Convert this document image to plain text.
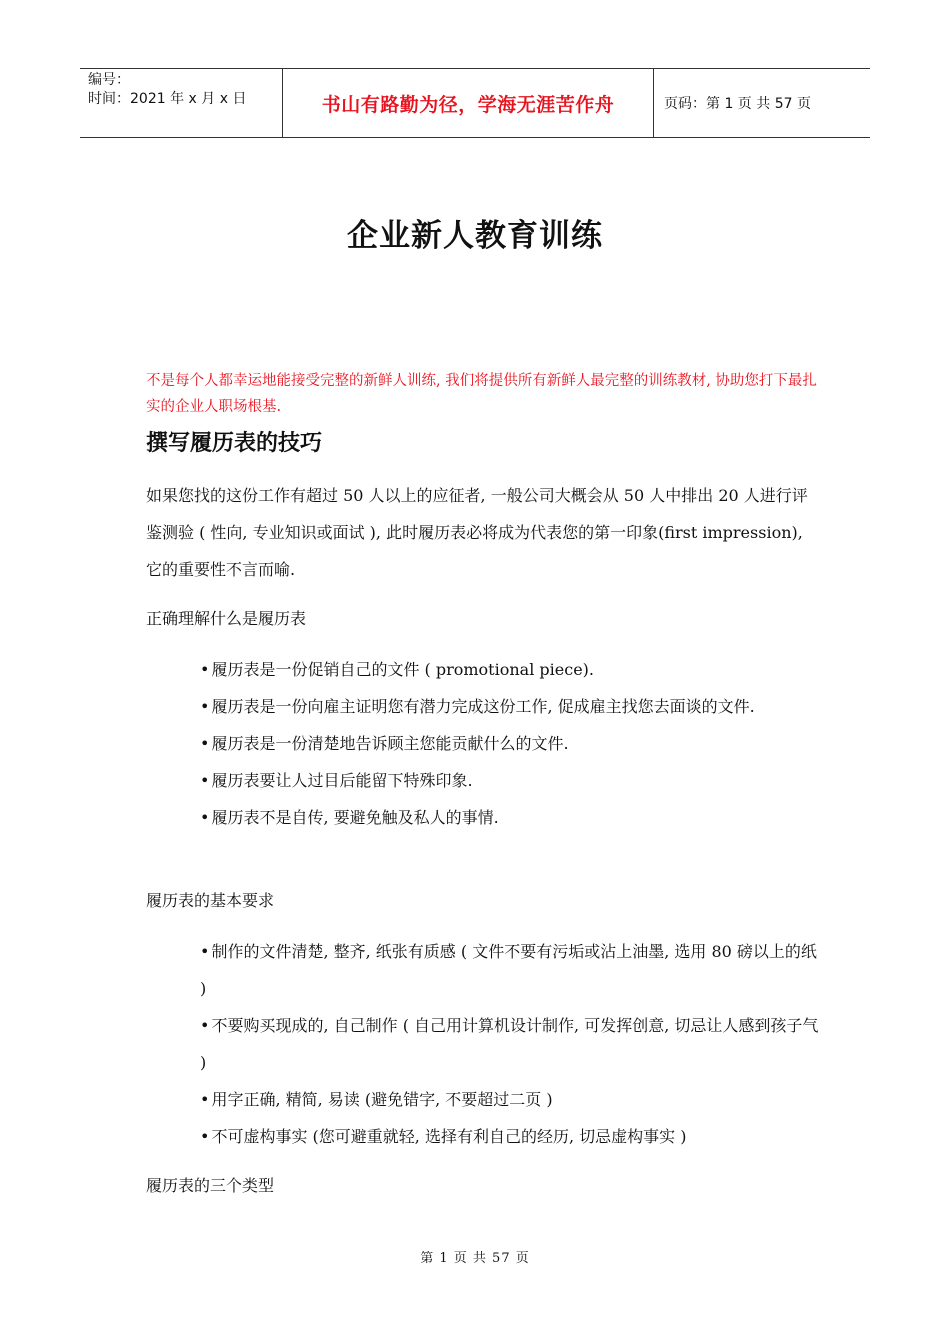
编号：
时间：2021 年 x 月 x 日	书山有路勤为径，学海无涯苦作舟	页码：第 1 页 共 57 页
企业新人教育训练
不是每个人都幸运地能接受完整的新鲜人训练, 我们将提供所有新鲜人最完整的训练教材, 协助您打下最扎实的企业人职场根基.
撰写履历表的技巧
如果您找的这份工作有超过 50 人以上的应征者, 一般公司大概会从 50 人中排出 20 人进行评鉴测验 ( 性向, 专业知识或面试 ), 此时履历表必将成为代表您的第一印象(first impression), 它的重要性不言而喻.
正确理解什么是履历表
• 履历表是一份促销自己的文件 ( promotional piece).
• 履历表是一份向雇主证明您有潜力完成这份工作, 促成雇主找您去面谈的文件.
• 履历表是一份清楚地告诉顾主您能贡献什么的文件.
• 履历表要让人过目后能留下特殊印象.
• 履历表不是自传, 要避免触及私人的事情.
履历表的基本要求
• 制作的文件清楚, 整齐, 纸张有质感 ( 文件不要有污垢或沾上油墨, 选用 80 磅以上的纸 )
• 不要购买现成的, 自己制作 ( 自己用计算机设计制作, 可发挥创意, 切忌让人感到孩子气 )
• 用字正确, 精简, 易读 (避免错字, 不要超过二页 )
• 不可虚构事实 (您可避重就轻, 选择有利自己的经历, 切忌虚构事实 )
履历表的三个类型
第 1 页 共 57 页
